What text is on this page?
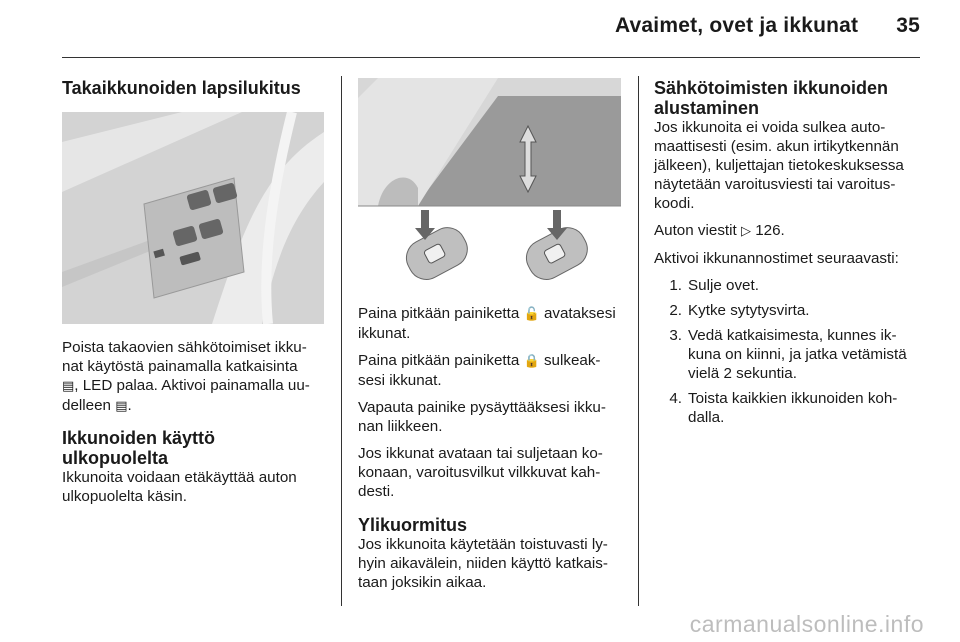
Avaimet, ovet ja ikkunat 35
Takaikkunoiden lapsilukitus

Poista takaovien sähkötoimiset ikku-
nat käytöstä painamalla katkaisinta
▤, LED palaa. Aktivoi painamalla uu-
delleen ▤.

Ikkunoiden käyttö ulkopuolelta

Ikkunoita voidaan etäkäyttää auton
ulkopuolelta käsin.

Paina pitkään painiketta 🔓 avataksesi
ikkunat.

Paina pitkään painiketta 🔒 sulkeak-
sesi ikkunat.

Vapauta painike pysäyttääksesi ikku-
nan liikkeen.

Jos ikkunat avataan tai suljetaan ko-
konaan, varoitusvilkut vilkkuvat kah-
desti.

Ylikuormitus

Jos ikkunoita käytetään toistuvasti ly-
hyin aikavälein, niiden käyttö katkais-
taan joksikin aikaa.

Sähkötoimisten ikkunoiden
alustaminen

Jos ikkunoita ei voida sulkea auto-
maattisesti (esim. akun irtikytkennän
jälkeen), kuljettajan tietokeskuksessa
näytetään varoitusviesti tai varoitus-
koodi.

Auton viestit ▷ 126.

Aktivoi ikkunannostimet seuraavasti:

1. Sulje ovet.
2. Kytke sytytysvirta.
3. Vedä katkaisimesta, kunnes ik-
kuna on kiinni, ja jatka vetämistä
vielä 2 sekuntia.
4. Toista kaikkien ikkunoiden koh-
dalla.
carmanualsonline.info
